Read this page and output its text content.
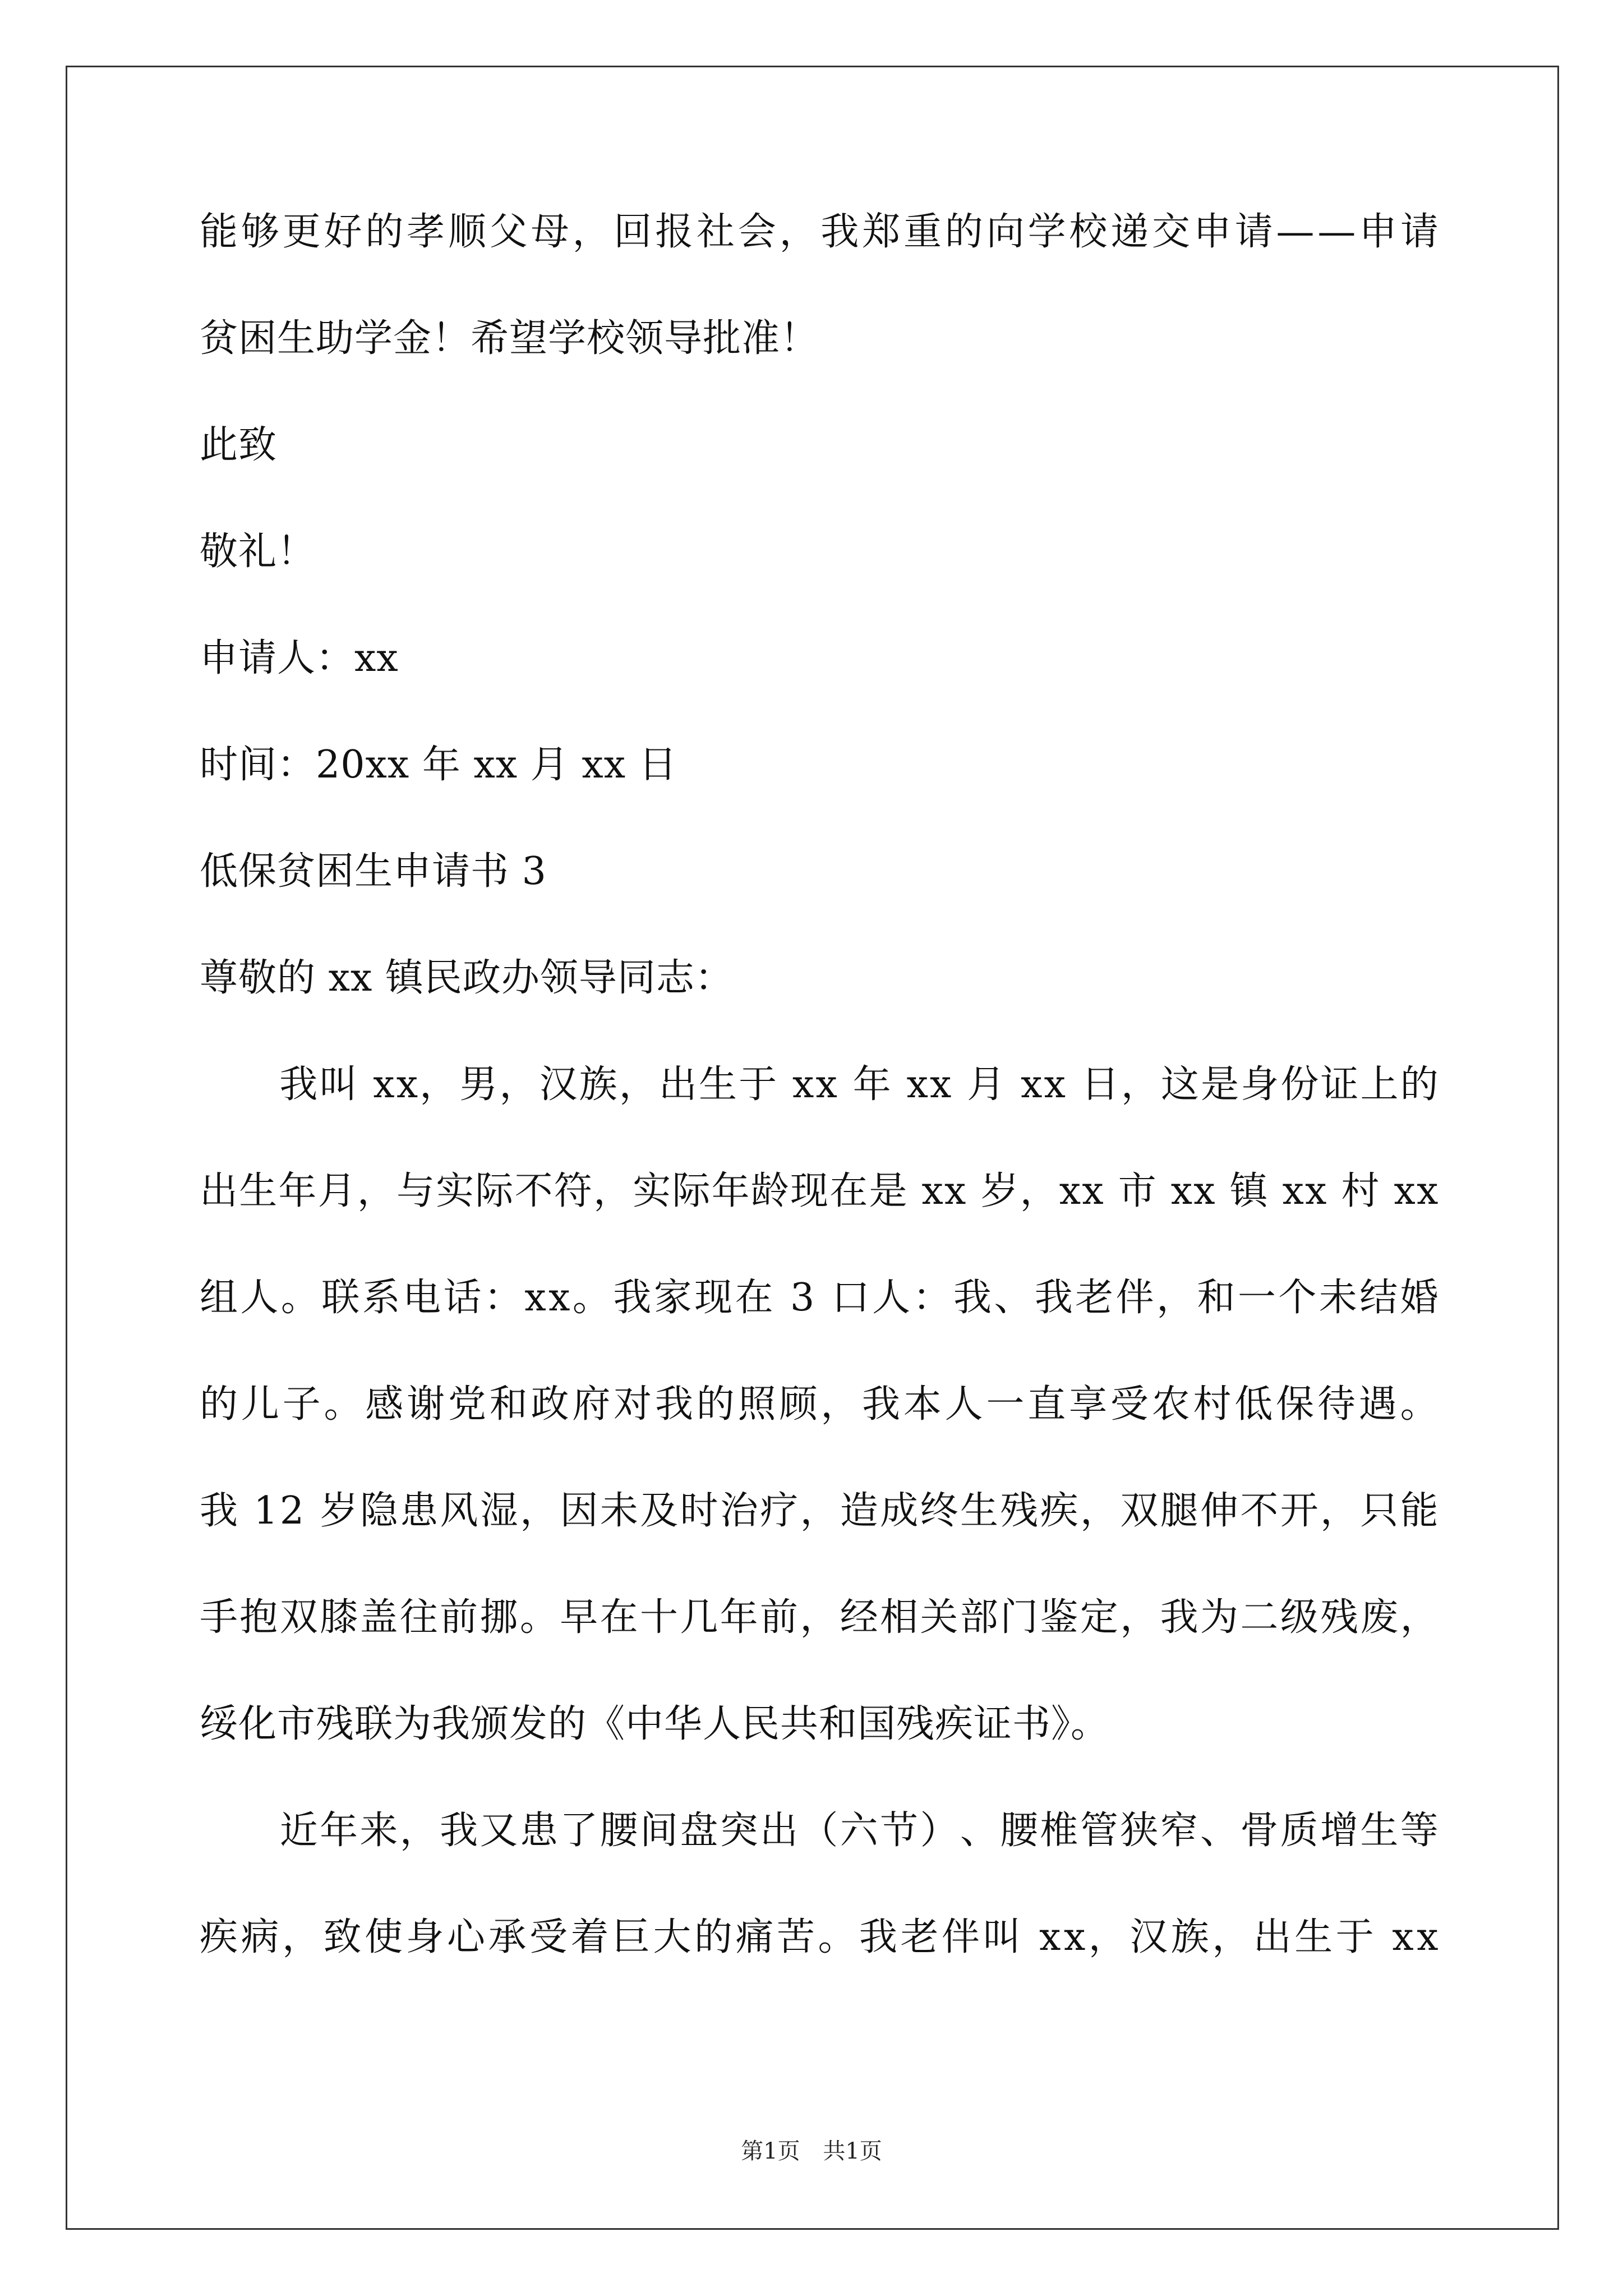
能 够 更 好 的 孝 顺 父 母 ， 回 报 社 会 ， 我 郑 重 的 向 学 校 递 交 申 请 — — 申 请
贫困生助学金！希望学校领导批准！
此致
敬礼！
申请人：xx
时间：20xx 年 xx 月 xx 日
低保贫困生申请书 3
尊敬的 xx 镇民政办领导同志：

我 叫
x x ， 男 ， 汉 族 ， 出 生 于
x x
年
x x
月
x x
日 ， 这 是 身 份 证 上 的
出 生 年 月 ， 与 实 际 不 符 ， 实 际 年 龄 现 在 是
x x
岁 ， x x
市
x x
镇
x x
村
x x
组 人 。 联 系 电 话 ： x x 。 我 家 现 在
3
口 人 ： 我 、 我 老 伴 ， 和 一 个 未 结 婚
的 儿 子 。 感 谢 党 和 政 府 对 我 的 照 顾 ， 我 本 人 一 直 享 受 农 村 低 保 待 遇 。
我
1 2
岁 隐 患 风 湿 ， 因 未 及 时 治 疗 ， 造 成 终 生 残 疾 ， 双 腿 伸 不 开 ， 只 能
手 抱 双 膝 盖 往 前 挪 。 早 在 十 几 年 前 ， 经 相 关 部 门 鉴 定 ， 我 为 二 级 残 废 ，
绥化市残联为我颁发的《中华人民共和国残疾证书》。

近 年 来 ， 我 又 患 了 腰 间 盘 突 出 （ 六 节 ） 、 腰 椎 管 狭 窄 、 骨 质 增 生 等
疾 病 ， 致 使 身 心 承 受 着 巨 大 的 痛 苦 。 我 老 伴 叫
x x ， 汉 族 ， 出 生 于
x x
第1页 共1页
